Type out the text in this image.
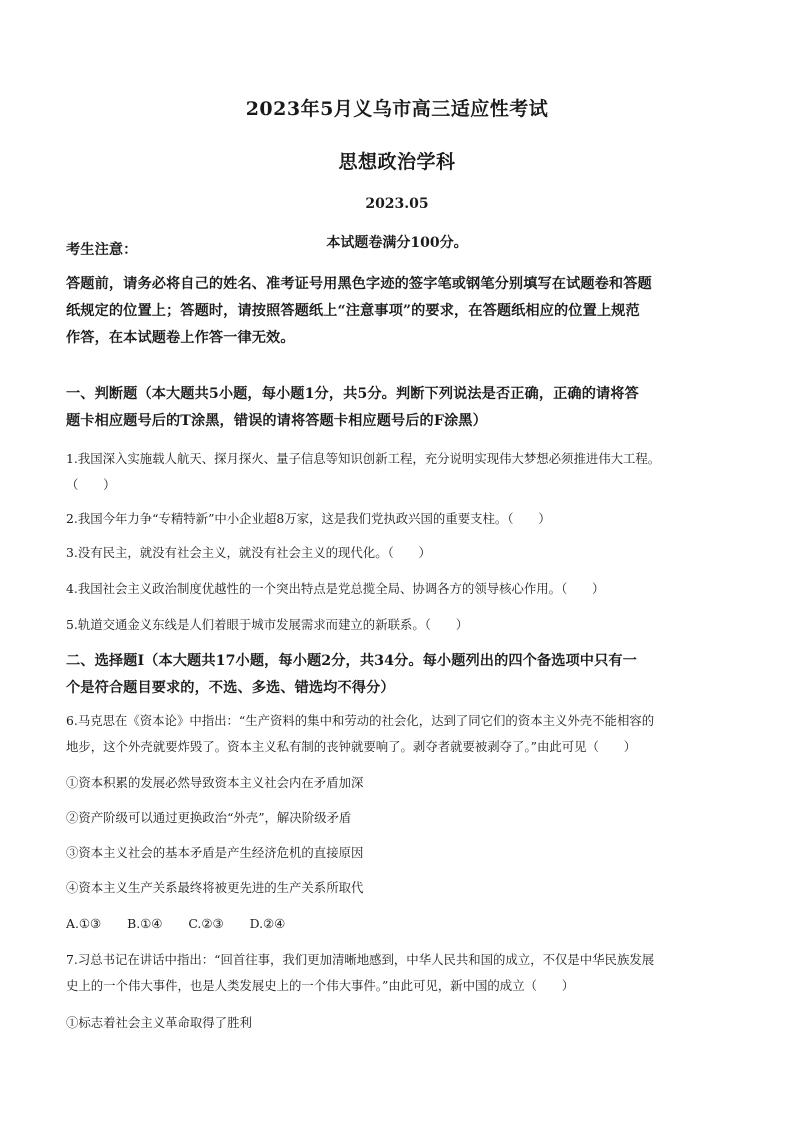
2023年5月义乌市高三适应性考试
思想政治学科
2023.05
本试题卷满分100分。
考生注意：
答题前，请务必将自己的姓名、准考证号用黑色字迹的签字笔或钢笔分别填写在试题卷和答题
纸规定的位置上；答题时，请按照答题纸上“注意事项”的要求，在答题纸相应的位置上规范
作答，在本试题卷上作答一律无效。
一、判断题（本大题共5小题，每小题1分，共5分。判断下列说法是否正确，正确的请将答
题卡相应题号后的T涂黑，错误的请将答题卡相应题号后的F涂黑）
1.我国深入实施载人航天、探月探火、量子信息等知识创新工程，充分说明实现伟大梦想必须推进伟大工程。
（　　）
2.我国今年力争“专精特新”中小企业超8万家，这是我们党执政兴国的重要支柱。（　　）
3.没有民主，就没有社会主义，就没有社会主义的现代化。（　　）
4.我国社会主义政治制度优越性的一个突出特点是党总揽全局、协调各方的领导核心作用。（　　）
5.轨道交通金义东线是人们着眼于城市发展需求而建立的新联系。（　　）
二、选择题Ⅰ（本大题共17小题，每小题2分，共34分。每小题列出的四个备选项中只有一
个是符合题目要求的，不选、多选、错选均不得分）
6.马克思在《资本论》中指出：“生产资料的集中和劳动的社会化，达到了同它们的资本主义外壳不能相容的
地步，这个外壳就要炸毁了。资本主义私有制的丧钟就要响了。剥夺者就要被剥夺了。”由此可见（　　）
①资本积累的发展必然导致资本主义社会内在矛盾加深
②资产阶级可以通过更换政治“外壳”，解决阶级矛盾
③资本主义社会的基本矛盾是产生经济危机的直接原因
④资本主义生产关系最终将被更先进的生产关系所取代
A.①③ B.①④ C.②③ D.②④
7.习总书记在讲话中指出：“回首往事，我们更加清晰地感到，中华人民共和国的成立，不仅是中华民族发展
史上的一个伟大事件，也是人类发展史上的一个伟大事件。”由此可见，新中国的成立（　　）
①标志着社会主义革命取得了胜利
